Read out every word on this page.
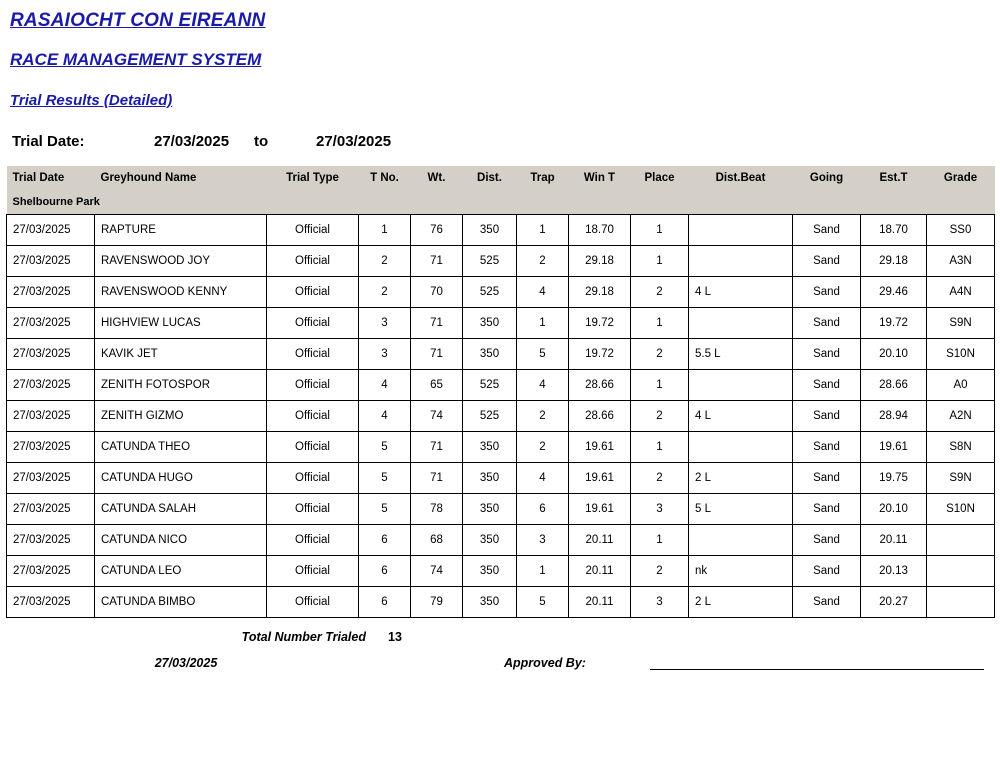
RASAIOCHT CON EIREANN
RACE MANAGEMENT SYSTEM
Trial Results (Detailed)
Trial Date:	27/03/2025	to	27/03/2025
Trial Date	Greyhound Name	Trial Type	T No.	Wt.	Dist.	Trap	Win T	Place	Dist.Beat	Going	Est.T	Grade
Shelbourne Park												
27/03/2025	RAPTURE	Official	1	76	350	1	18.70	1		Sand	18.70	SS0
27/03/2025	RAVENSWOOD JOY	Official	2	71	525	2	29.18	1		Sand	29.18	A3N
27/03/2025	RAVENSWOOD KENNY	Official	2	70	525	4	29.18	2	4 L	Sand	29.46	A4N
27/03/2025	HIGHVIEW LUCAS	Official	3	71	350	1	19.72	1		Sand	19.72	S9N
27/03/2025	KAVIK JET	Official	3	71	350	5	19.72	2	5.5 L	Sand	20.10	S10N
27/03/2025	ZENITH FOTOSPOR	Official	4	65	525	4	28.66	1		Sand	28.66	A0
27/03/2025	ZENITH GIZMO	Official	4	74	525	2	28.66	2	4 L	Sand	28.94	A2N
27/03/2025	CATUNDA THEO	Official	5	71	350	2	19.61	1		Sand	19.61	S8N
27/03/2025	CATUNDA HUGO	Official	5	71	350	4	19.61	2	2 L	Sand	19.75	S9N
27/03/2025	CATUNDA SALAH	Official	5	78	350	6	19.61	3	5 L	Sand	20.10	S10N
27/03/2025	CATUNDA NICO	Official	6	68	350	3	20.11	1		Sand	20.11	
27/03/2025	CATUNDA LEO	Official	6	74	350	1	20.11	2	nk	Sand	20.13	
27/03/2025	CATUNDA BIMBO	Official	6	79	350	5	20.11	3	2 L	Sand	20.27	
Total Number Trialed	13
27/03/2025	Approved By:
